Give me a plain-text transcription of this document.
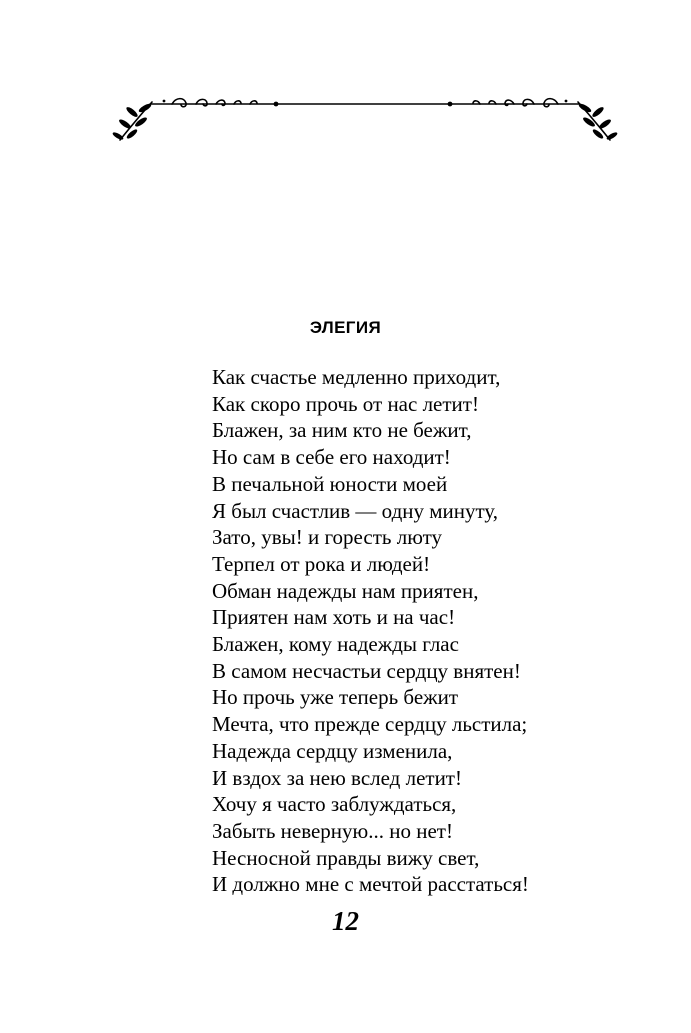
ЭЛЕГИЯ
Как счастье медленно приходит,
Как скоро прочь от нас летит!
Блажен, за ним кто не бежит,
Но сам в себе его находит!
В печальной юности моей
Я был счастлив — одну минуту,
Зато, увы! и горесть люту
Терпел от рока и людей!
Обман надежды нам приятен,
Приятен нам хоть и на час!
Блажен, кому надежды глас
В самом несчастьи сердцу внятен!
Но прочь уже теперь бежит
Мечта, что прежде сердцу льстила;
Надежда сердцу изменила,
И вздох за нею вслед летит!
Хочу я часто заблуждаться,
Забыть неверную... но нет!
Несносной правды вижу свет,
И должно мне с мечтой расстаться!
12
